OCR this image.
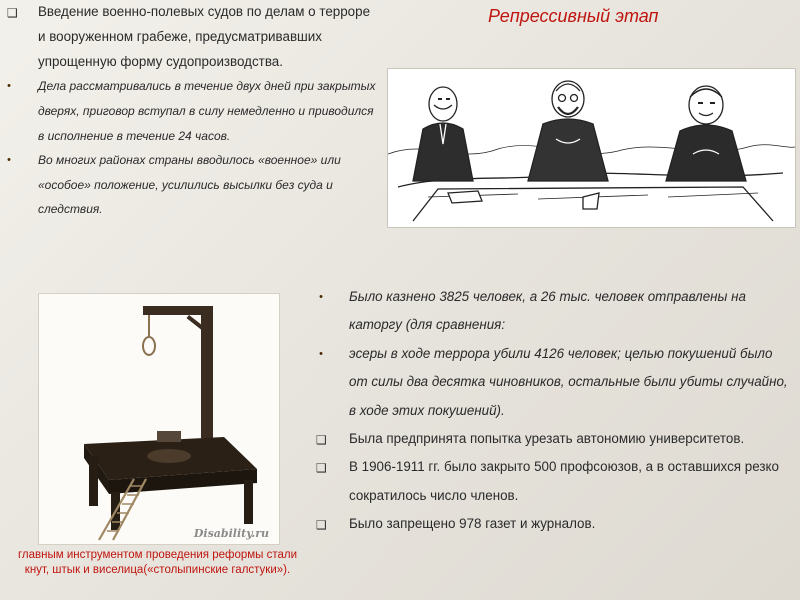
Репрессивный этап
❑ Введение военно-полевых судов по делам о терроре и вооруженном грабеже, предусматривавших упрощенную форму судопроизводства.
• Дела рассматривались в течение двух дней при закрытых дверях, приговор вступал в силу немедленно и приводился в исполнение в течение 24 часов.
• Во многих районах страны вводилось «военное» или «особое» положение, усилились высылки без суда и следствия.
Disability.ru
• Было казнено 3825 человек, а 26 тыс. человек отправлены на каторгу (для сравнения:
• эсеры в ходе террора убили 4126 человек; целью покушений было от силы два десятка чиновников, остальные были убиты случайно, в ходе этих покушений).
❑ Была предпринята попытка урезать автономию университетов.
❑ В 1906-1911 гг. было закрыто 500 профсоюзов, а в оставшихся резко сократилось число членов.
❑ Было запрещено 978 газет и журналов.
главным инструментом проведения реформы стали кнут, штык и виселица(«столыпинские галстуки»).
